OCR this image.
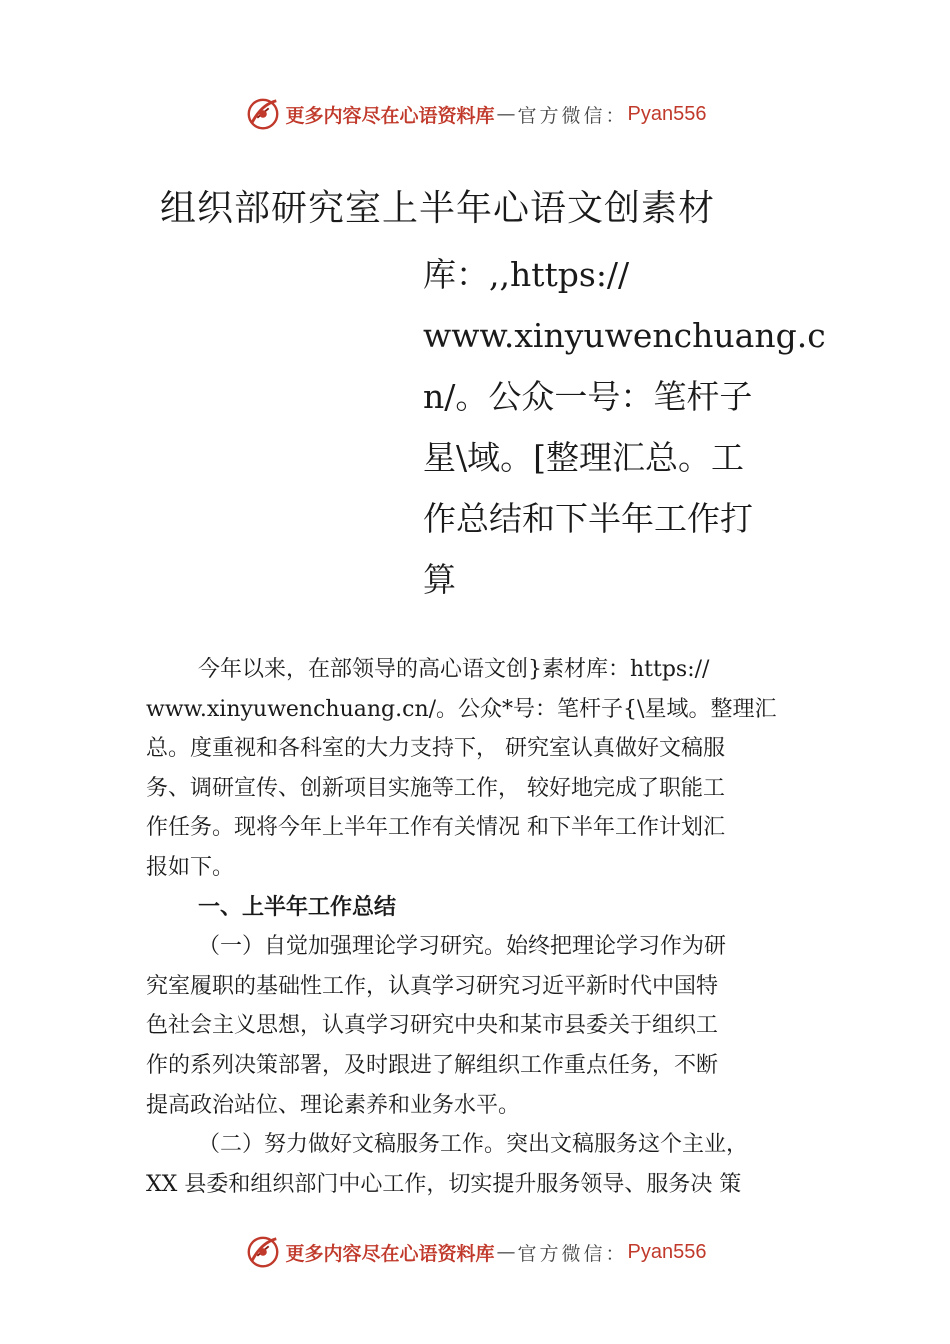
更多内容尽在心语资料库 — 官方微信： Pyan556
组织部研究室上半年心语文创素材
库：,,https://
www.xinyuwenchuang.c
n/。公众一号：笔杆子
星\域。[整理汇总。工
作总结和下半年工作打
算
今年以来，在部领导的高心语文创}素材库：https://
www.xinyuwenchuang.cn/。公众*号：笔杆子{\星域。整理汇
总。度重视和各科室的大力支持下， 研究室认真做好文稿服
务、调研宣传、创新项目实施等工作， 较好地完成了职能工
作任务。现将今年上半年工作有关情况 和下半年工作计划汇
报如下。
一、上半年工作总结
（一）自觉加强理论学习研究。始终把理论学习作为研
究室履职的基础性工作，认真学习研究习近平新时代中国特
色社会主义思想，认真学习研究中央和某市县委关于组织工
作的系列决策部署，及时跟进了解组织工作重点任务，不断
提高政治站位、理论素养和业务水平。
（二）努力做好文稿服务工作。突出文稿服务这个主业，
XX 县委和组织部门中心工作，切实提升服务领导、服务决 策
更多内容尽在心语资料库 — 官方微信： Pyan556
